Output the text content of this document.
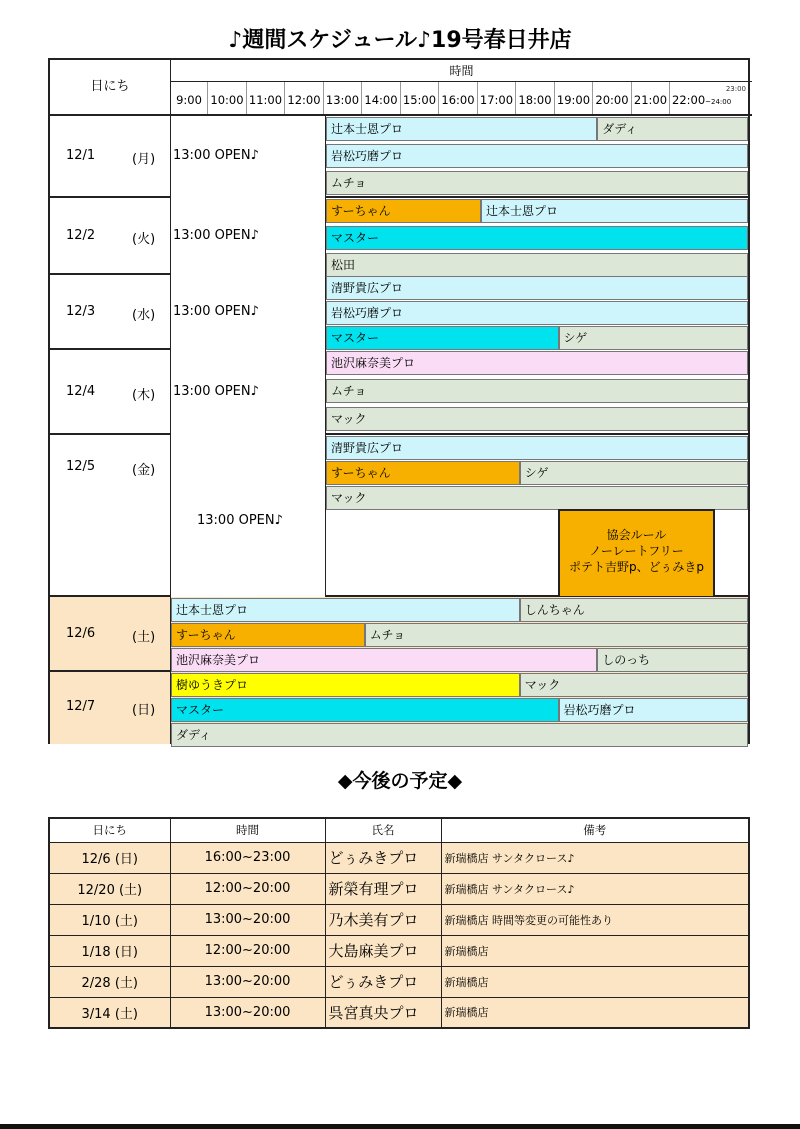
♪週間スケジュール♪19号春日井店
日にち
時間
9:00 10:00 11:00 12:00 13:00 14:00 15:00 16:00 17:00 18:00 19:00 20:00 21:00 22:00~24:00
23:00
12/1	(月) 13:00 OPEN♪
辻本士恩プロ	ダディ
岩松巧磨プロ
ムチョ
12/2	(火) 13:00 OPEN♪
すーちゃん	辻本士恩プロ
マスター
松田
12/3	(水) 13:00 OPEN♪
清野貴広プロ
岩松巧磨プロ
マスター	シゲ
12/4	(木) 13:00 OPEN♪
池沢麻奈美プロ
ムチョ
マック
12/5	(金)
13:00 OPEN♪
清野貴広プロ
すーちゃん	シゲ
マック
協会ルール
ノーレートフリー
ポテト吉野p、どぅみきp
12/6	(土)
辻本士恩プロ	しんちゃん
すーちゃん	ムチョ
池沢麻奈美プロ	しのっち
12/7	(日)
樹ゆうきプロ	マック
マスター	岩松巧磨プロ
ダディ
◆今後の予定◆
日にち	時間	氏名	備考
12/6 (日)	16:00~23:00	どぅみきプロ	新瑞橋店 サンタクロース♪
12/20 (土)	12:00~20:00	新榮有理プロ	新瑞橋店 サンタクロース♪
1/10 (土)	13:00~20:00	乃木美有プロ	新瑞橋店 時間等変更の可能性あり
1/18 (日)	12:00~20:00	大島麻美プロ	新瑞橋店
2/28 (土)	13:00~20:00	どぅみきプロ	新瑞橋店
3/14 (土)	13:00~20:00	呉宮真央プロ	新瑞橋店
